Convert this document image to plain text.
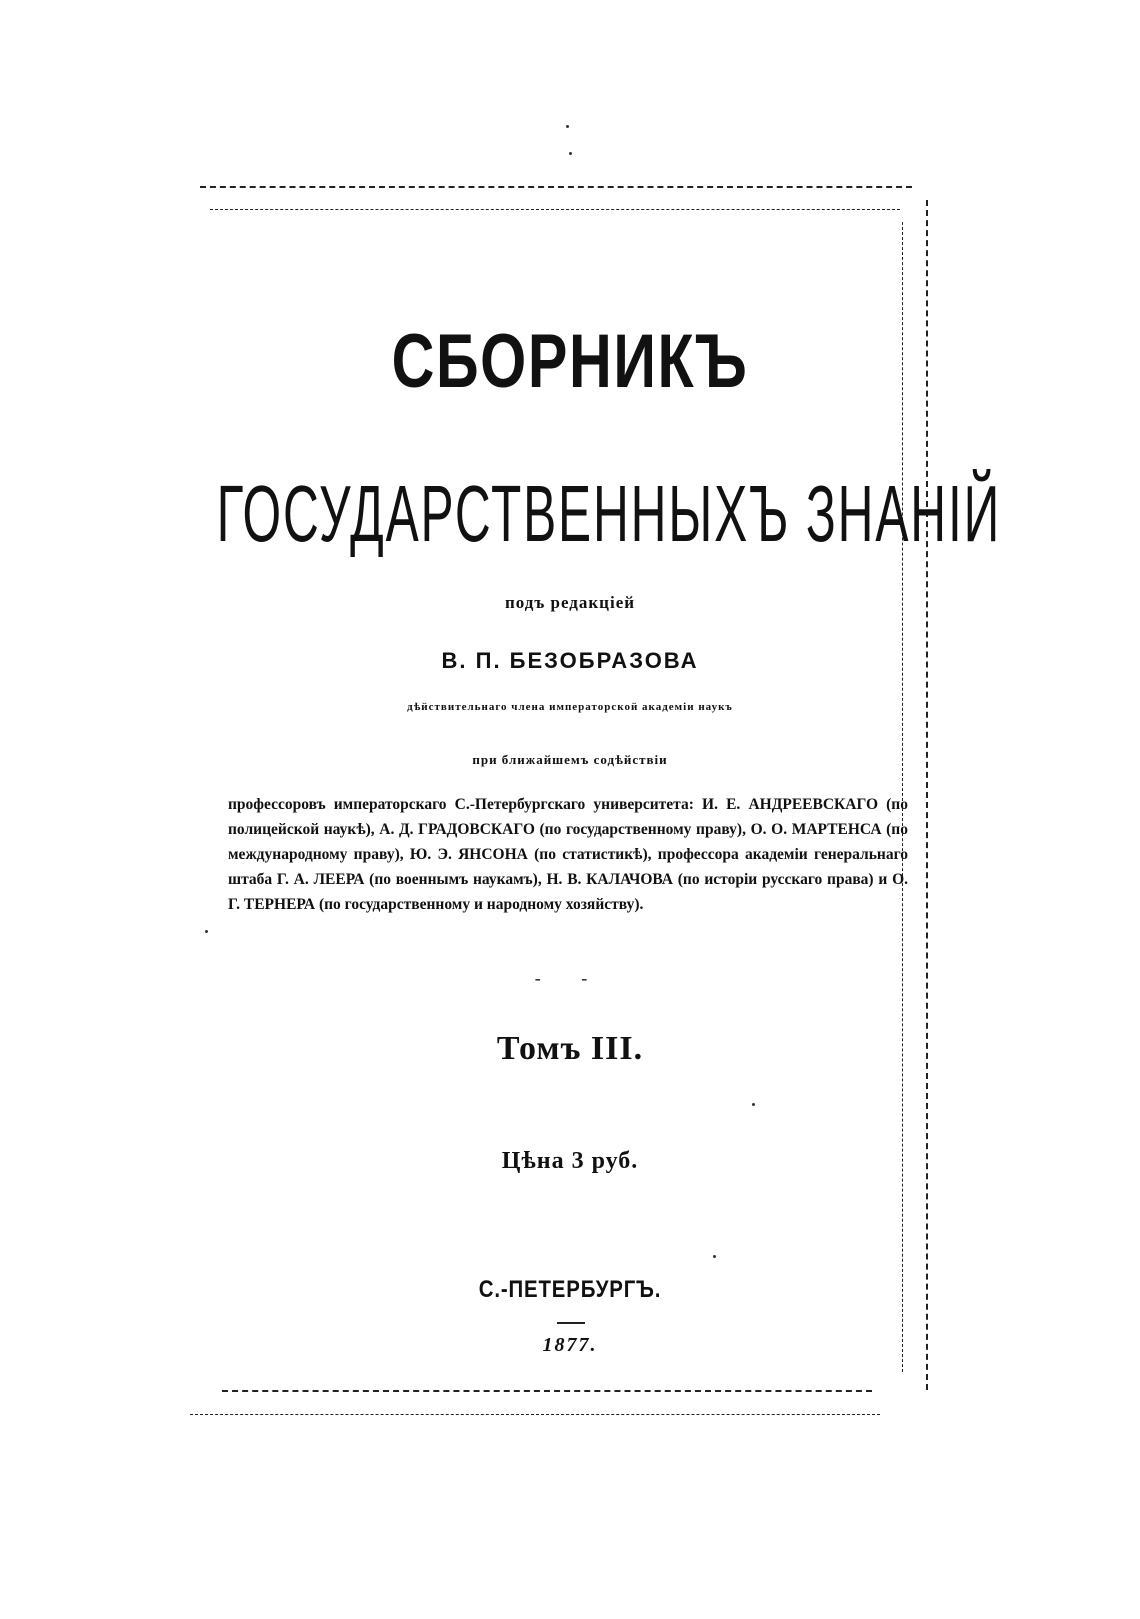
СБОРНИКЪ
ГОСУДАРСТВЕННЫХЪ ЗНАНІЙ
подъ редакціей
В. П. БЕЗОБРАЗОВА
дѣйствительнаго члена императорской академіи наукъ
при ближайшемъ содѣйствіи
профессоровъ императорскаго С.-Петербургскаго университета: И. Е. АНДРЕЕВСКАГО (по полицейской наукѣ), А. Д. ГРАДОВСКАГО (по государственному праву), О. О. МАРТЕНСА (по международному праву), Ю. Э. ЯНСОНА (по статистикѣ), профессора академіи генеральнаго штаба Г. А. ЛЕЕРА (по военнымъ наукамъ), Н. В. КАЛАЧОВА (по исторіи русскаго права) и О. Г. ТЕРНЕРА (по государственному и народному хозяйству).
- -
Томъ III.
Цѣна 3 руб.
С.-ПЕТЕРБУРГЪ.
1877.
